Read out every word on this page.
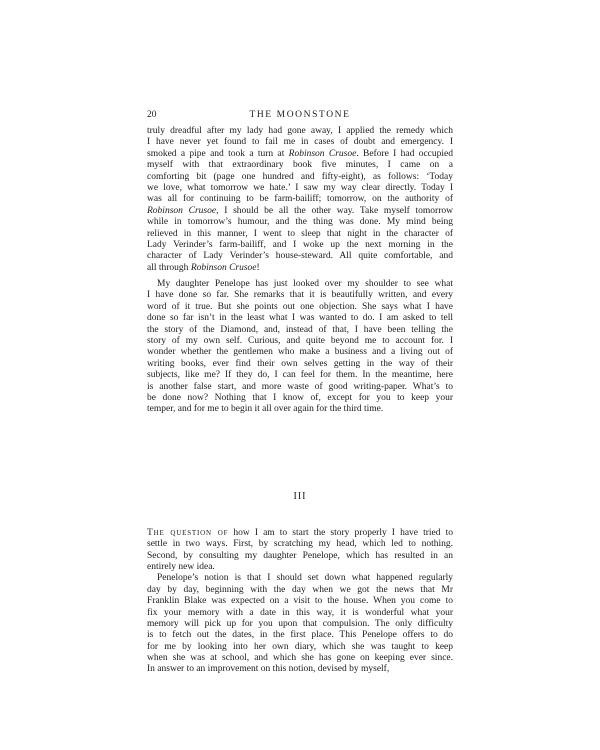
20	THE MOONSTONE
truly dreadful after my lady had gone away, I applied the remedy which
I have never yet found to fail me in cases of doubt and emergency. I
smoked a pipe and took a turn at Robinson Crusoe. Before I had occupied
myself with that extraordinary book five minutes, I came on a
comforting bit (page one hundred and fifty-eight), as follows: ‘Today
we love, what tomorrow we hate.’ I saw my way clear directly. Today I
was all for continuing to be farm-bailiff; tomorrow, on the authority of
Robinson Crusoe, I should be all the other way. Take myself tomorrow
while in tomorrow’s humour, and the thing was done. My mind being
relieved in this manner, I went to sleep that night in the character of
Lady Verinder’s farm-bailiff, and I woke up the next morning in the
character of Lady Verinder’s house-steward. All quite comfortable, and
all through Robinson Crusoe!
My daughter Penelope has just looked over my shoulder to see what
I have done so far. She remarks that it is beautifully written, and every
word of it true. But she points out one objection. She says what I have
done so far isn’t in the least what I was wanted to do. I am asked to tell
the story of the Diamond, and, instead of that, I have been telling the
story of my own self. Curious, and quite beyond me to account for. I
wonder whether the gentlemen who make a business and a living out of
writing books, ever find their own selves getting in the way of their
subjects, like me? If they do, I can feel for them. In the meantime, here
is another false start, and more waste of good writing-paper. What’s to
be done now? Nothing that I know of, except for you to keep your
temper, and for me to begin it all over again for the third time.
III
The question of how I am to start the story properly I have tried to
settle in two ways. First, by scratching my head, which led to nothing.
Second, by consulting my daughter Penelope, which has resulted in an
entirely new idea.
Penelope’s notion is that I should set down what happened regularly
day by day, beginning with the day when we got the news that Mr
Franklin Blake was expected on a visit to the house. When you come to
fix your memory with a date in this way, it is wonderful what your
memory will pick up for you upon that compulsion. The only difficulty
is to fetch out the dates, in the first place. This Penelope offers to do
for me by looking into her own diary, which she was taught to keep
when she was at school, and which she has gone on keeping ever since.
In answer to an improvement on this notion, devised by myself,
